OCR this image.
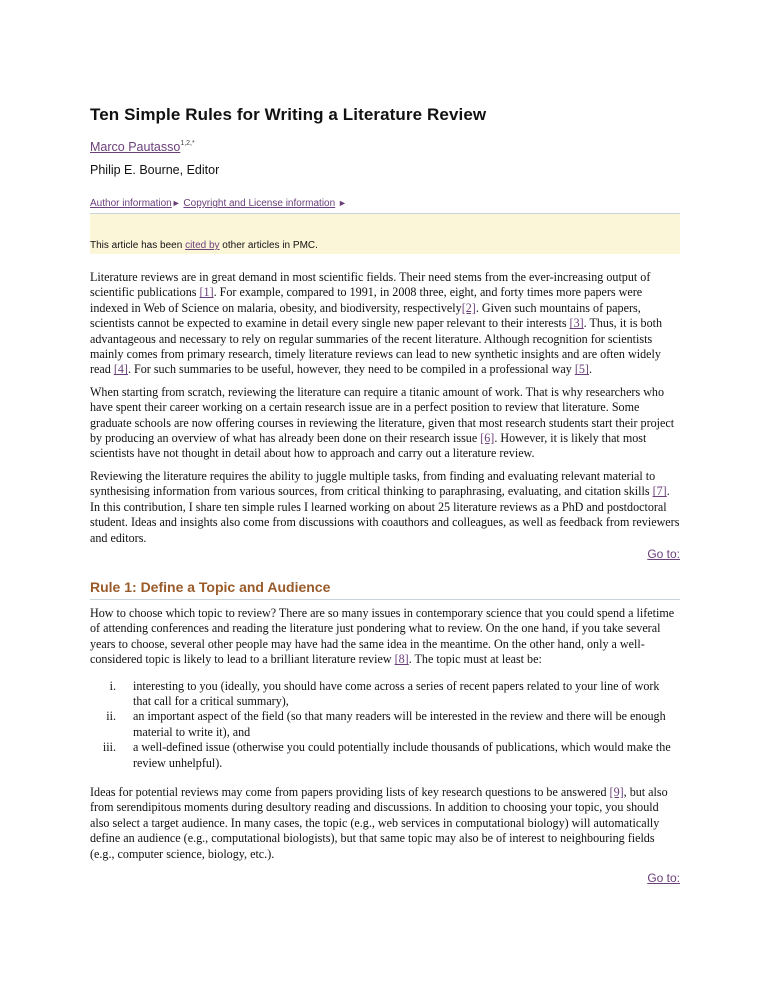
Ten Simple Rules for Writing a Literature Review
Marco Pautasso$^{1,2,*}$
Philip E. Bourne, Editor
Author information► Copyright and License information ►
This article has been cited by other articles in PMC.

Literature reviews are in great demand in most scientific fields. Their need stems from the ever-increasing output of scientific publications [1]. For example, compared to 1991, in 2008 three, eight, and forty times more papers were indexed in Web of Science on malaria, obesity, and biodiversity, respectively[2]. Given such mountains of papers, scientists cannot be expected to examine in detail every single new paper relevant to their interests [3]. Thus, it is both advantageous and necessary to rely on regular summaries of the recent literature. Although recognition for scientists mainly comes from primary research, timely literature reviews can lead to new synthetic insights and are often widely read [4]. For such summaries to be useful, however, they need to be compiled in a professional way [5].

When starting from scratch, reviewing the literature can require a titanic amount of work. That is why researchers who have spent their career working on a certain research issue are in a perfect position to review that literature. Some graduate schools are now offering courses in reviewing the literature, given that most research students start their project by producing an overview of what has already been done on their research issue [6]. However, it is likely that most scientists have not thought in detail about how to approach and carry out a literature review.

Reviewing the literature requires the ability to juggle multiple tasks, from finding and evaluating relevant material to synthesising information from various sources, from critical thinking to paraphrasing, evaluating, and citation skills [7]. In this contribution, I share ten simple rules I learned working on about 25 literature reviews as a PhD and postdoctoral student. Ideas and insights also come from discussions with coauthors and colleagues, as well as feedback from reviewers and editors.

Go to:
Rule 1: Define a Topic and Audience

How to choose which topic to review? There are so many issues in contemporary science that you could spend a lifetime of attending conferences and reading the literature just pondering what to review. On the one hand, if you take several years to choose, several other people may have had the same idea in the meantime. On the other hand, only a well-considered topic is likely to lead to a brilliant literature review [8]. The topic must at least be:

i. interesting to you (ideally, you should have come across a series of recent papers related to your line of work that call for a critical summary),
ii. an important aspect of the field (so that many readers will be interested in the review and there will be enough material to write it), and
iii. a well-defined issue (otherwise you could potentially include thousands of publications, which would make the review unhelpful).

Ideas for potential reviews may come from papers providing lists of key research questions to be answered [9], but also from serendipitous moments during desultory reading and discussions. In addition to choosing your topic, you should also select a target audience. In many cases, the topic (e.g., web services in computational biology) will automatically define an audience (e.g., computational biologists), but that same topic may also be of interest to neighbouring fields (e.g., computer science, biology, etc.).

Go to:
